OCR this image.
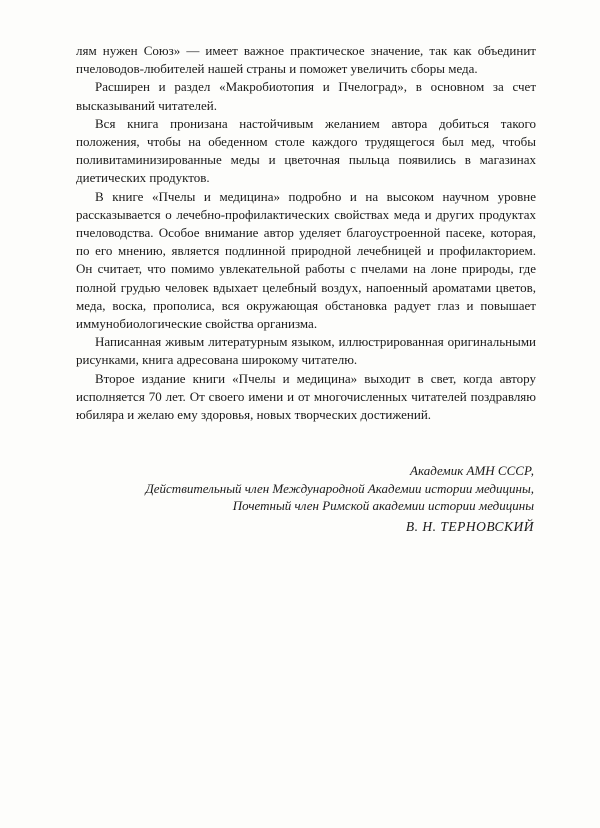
лям нужен Союз» — имеет важное практическое значение, так как объединит пчеловодов-любителей нашей страны и поможет увеличить сборы меда.

Расширен и раздел «Макробиотопия и Пчелоград», в основном за счет высказываний читателей.

Вся книга пронизана настойчивым желанием автора добиться такого положения, чтобы на обеденном столе каждого трудящегося был мед, чтобы поливитаминизированные меды и цветочная пыльца появились в магазинах диетических продуктов.

В книге «Пчелы и медицина» подробно и на высоком научном уровне рассказывается о лечебно-профилактических свойствах меда и других продуктах пчеловодства. Особое внимание автор уделяет благоустроенной пасеке, которая, по его мнению, является подлинной природной лечебницей и профилакторием. Он считает, что помимо увлекательной работы с пчелами на лоне природы, где полной грудью человек вдыхает целебный воздух, напоенный ароматами цветов, меда, воска, прополиса, вся окружающая обстановка радует глаз и повышает иммунобиологические свойства организма.

Написанная живым литературным языком, иллюстрированная оригинальными рисунками, книга адресована широкому читателю.

Второе издание книги «Пчелы и медицина» выходит в свет, когда автору исполняется 70 лет. От своего имени и от многочисленных читателей поздравляю юбиляра и желаю ему здоровья, новых творческих достижений.

Академик АМН СССР,
Действительный член Международной Академии истории медицины,
Почетный член Римской академии истории медицины
В. Н. ТЕРНОВСКИЙ
